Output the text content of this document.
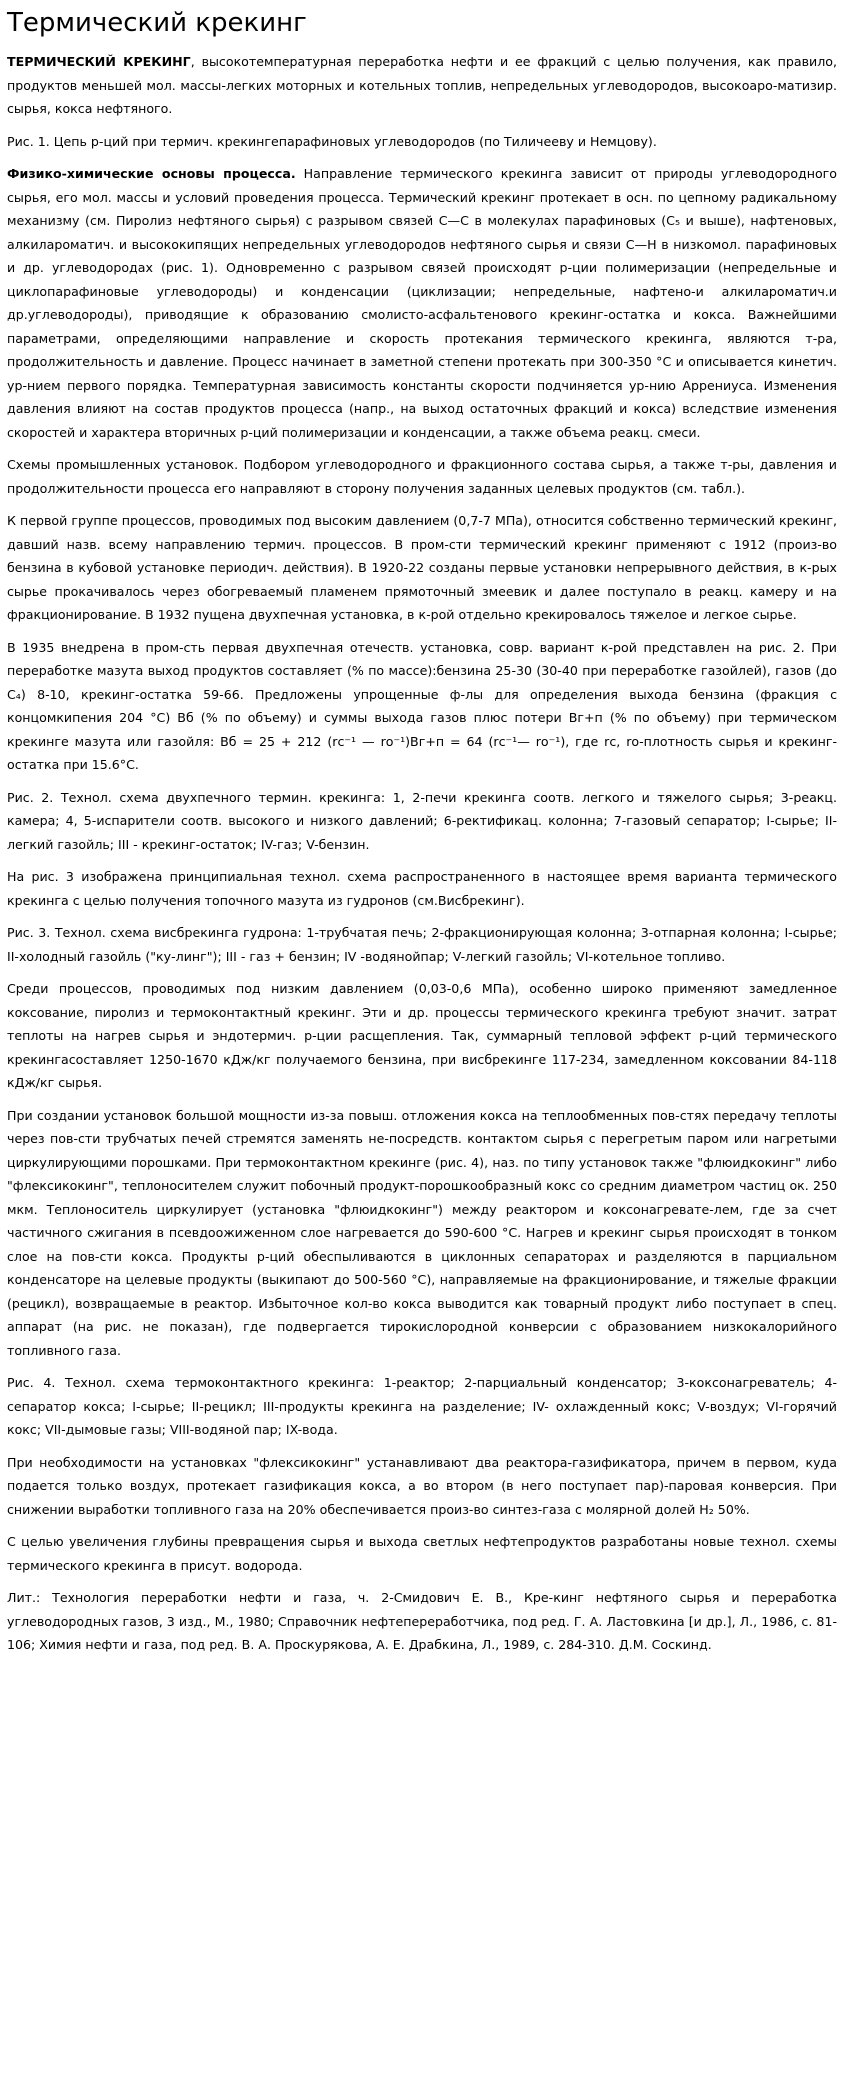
Термический крекинг

ТЕРМИЧЕСКИЙ КРЕКИНГ, высокотемпературная переработка нефти и ее фракций с целью получения, как правило, продуктов меньшей мол. массы-легких моторных и котельных топлив, непредельных углеводородов, высокоаро-матизир. сырья, кокса нефтяного.

Рис. 1. Цепь р-ций при термич. крекингепарафиновых углеводородов (по Тиличееву и Немцову).

Физико-химические основы процесса. Направление термического крекинга зависит от природы углеводородного сырья, его мол. массы и условий проведения процесса. Термический крекинг протекает в осн. по цепному радикальному механизму (см. Пиролиз нефтяного сырья) с разрывом связей С—С в молекулах парафиновых (C₅ и выше), нафтеновых, алкилароматич. и высококипящих непредельных углеводородов нефтяного сырья и связи С—Н в низкомол. парафиновых и др. углеводородах (рис. 1). Одновременно с разрывом связей происходят р-ции полимеризации (непредельные и циклопарафиновые углеводороды) и конденсации (циклизации; непредельные, нафтено-и алкилароматич.и др.углеводороды), приводящие к образованию смолисто-асфальтенового крекинг-остатка и кокса. Важнейшими параметрами, определяющими направление и скорость протекания термического крекинга, являются т-ра, продолжительность и давление. Процесс начинает в заметной степени протекать при 300-350 °С и описывается кинетич. ур-нием первого порядка. Температурная зависимость константы скорости подчиняется ур-нию Аррениуса. Изменения давления влияют на состав продуктов процесса (напр., на выход остаточных фракций и кокса) вследствие изменения скоростей и характера вторичных р-ций полимеризации и конденсации, а также объема реакц. смеси.

Схемы промышленных установок. Подбором углеводородного и фракционного состава сырья, а также т-ры, давления и продолжительности процесса его направляют в сторону получения заданных целевых продуктов (см. табл.).

К первой группе процессов, проводимых под высоким давлением (0,7-7 МПа), относится собственно термический крекинг, давший назв. всему направлению термич. процессов. В пром-сти термический крекинг применяют с 1912 (произ-во бензина в кубовой установке периодич. действия). В 1920-22 созданы первые установки непрерывного действия, в к-рых сырье прокачивалось через обогреваемый пламенем прямоточный змеевик и далее поступало в реакц. камеру и на фракционирование. В 1932 пущена двухпечная установка, в к-рой отдельно крекировалось тяжелое и легкое сырье.

В 1935 внедрена в пром-сть первая двухпечная отечеств. установка, совр. вариант к-рой представлен на рис. 2. При переработке мазута выход продуктов составляет (% по массе):бензина 25-30 (30-40 при переработке газойлей), газов (до C₄) 8-10, крекинг-остатка 59-66. Предложены упрощенные ф-лы для определения выхода бензина (фракция с концомкипения 204 °С) Bб (% по объему) и суммы выхода газов плюс потери Bг+п (% по объему) при термическом крекинге мазута или газойля: Bб = 25 + 212 (rс⁻¹ — rо⁻¹)Bг+п = 64 (rс⁻¹— rо⁻¹), где rс, rо-плотность сырья и крекинг-остатка при 15.6°С.

Рис. 2. Технол. схема двухпечного термин. крекинга: 1, 2-печи крекинга соотв. легкого и тяжелого сырья; 3-реакц. камера; 4, 5-испарители соотв. высокого и низкого давлений; 6-ректификац. колонна; 7-газовый сепаратор; I-сырье; II-легкий газойль; III - крекинг-остаток; IV-газ; V-бензин.

На рис. 3 изображена принципиальная технол. схема распространенного в настоящее время варианта термического крекинга с целью получения топочного мазута из гудронов (см.Висбрекинг).

Рис. 3. Технол. схема висбрекинга гудрона: 1-трубчатая печь; 2-фракционирующая колонна; 3-отпарная колонна; I-сырье; II-холодный газойль ("ку-линг"); III - газ + бензин; IV -водянойпар; V-легкий газойль; VI-котельное топливо.

Среди процессов, проводимых под низким давлением (0,03-0,6 МПа), особенно широко применяют замедленное коксование, пиролиз и термоконтактный крекинг. Эти и др. процессы термического крекинга требуют значит. затрат теплоты на нагрев сырья и эндотермич. р-ции расщепления. Так, суммарный тепловой эффект р-ций термического крекингасоставляет 1250-1670 кДж/кг получаемого бензина, при висбрекинге 117-234, замедленном коксовании 84-118 кДж/кг сырья.

При создании установок большой мощности из-за повыш. отложения кокса на теплообменных пов-стях передачу теплоты через пов-сти трубчатых печей стремятся заменять не-посредств. контактом сырья с перегретым паром или нагретыми циркулирующими порошками. При термоконтактном крекинге (рис. 4), наз. по типу установок также "флюидкокинг" либо "флексикокинг", теплоносителем служит побочный продукт-порошкообразный кокс со средним диаметром частиц ок. 250 мкм. Теплоноситель циркулирует (установка "флюидкокинг") между реактором и коксонагревате-лем, где за счет частичного сжигания в псевдоожиженном слое нагревается до 590-600 °С. Нагрев и крекинг сырья происходят в тонком слое на пов-сти кокса. Продукты р-ций обеспыливаются в циклонных сепараторах и разделяются в парциальном конденсаторе на целевые продукты (выкипают до 500-560 °С), направляемые на фракционирование, и тяжелые фракции (рецикл), возвращаемые в реактор. Избыточное кол-во кокса выводится как товарный продукт либо поступает в спец. аппарат (на рис. не показан), где подвергается тирокислородной конверсии с образованием низкокалорийного топливного газа.

Рис. 4. Технол. схема термоконтактного крекинга: 1-реактор; 2-парциальный конденсатор; 3-коксонагреватель; 4-сепаратор кокса; I-сырье; II-рецикл; III-продукты крекинга на разделение; IV- охлажденный кокс; V-воздух; VI-горячий кокс; VII-дымовые газы; VIII-водяной пар; IX-вода.

При необходимости на установках "флексикокинг" устанавливают два реактора-газификатора, причем в первом, куда подается только воздух, протекает газификация кокса, а во втором (в него поступает пар)-паровая конверсия. При снижении выработки топливного газа на 20% обеспечивается произ-во синтез-газа с молярной долей H₂ 50%.

С целью увеличения глубины превращения сырья и выхода светлых нефтепродуктов разработаны новые технол. схемы термического крекинга в присут. водорода.

Лит.: Технология переработки нефти и газа, ч. 2-Смидович Е. В., Кре-кинг нефтяного сырья и переработка углеводородных газов, 3 изд., М., 1980; Справочник нефтепереработчика, под ред. Г. А. Ластовкина [и др.], Л., 1986, с. 81-106; Химия нефти и газа, под ред. В. А. Проскурякова, А. Е. Драбкина, Л., 1989, с. 284-310. Д.М. Соскинд.
